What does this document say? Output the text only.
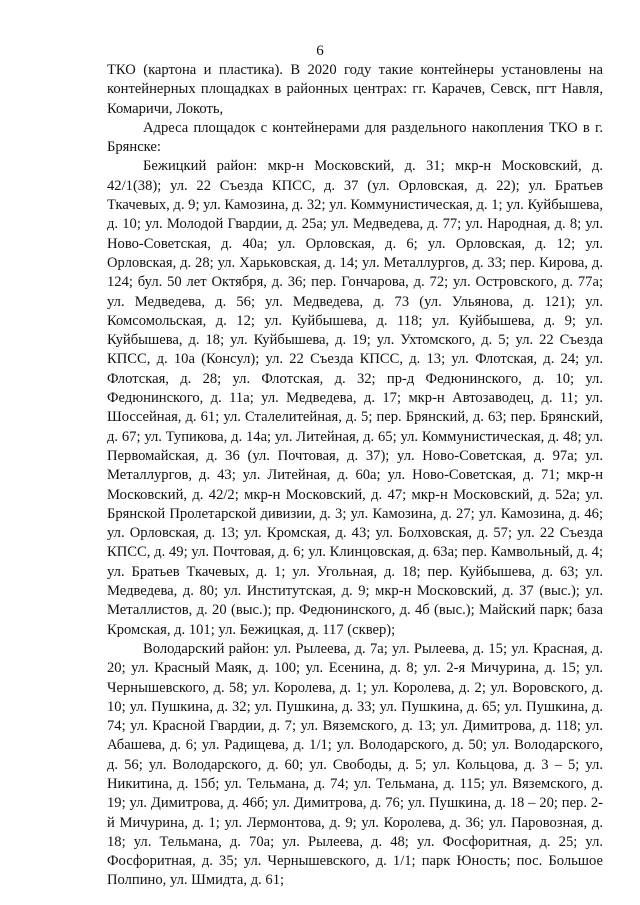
6

ТКО (картона и пластика). В 2020 году такие контейнеры установлены на контейнерных площадках в районных центрах: гг. Карачев, Севск, пгт Навля, Комаричи, Локоть,

Адреса площадок с контейнерами для раздельного накопления ТКО в г. Брянске:

Бежицкий район: мкр-н Московский, д. 31; мкр-н Московский, д. 42/1(38); ул. 22 Съезда КПСС, д. 37 (ул. Орловская, д. 22); ул. Братьев Ткачевых, д. 9; ул. Камозина, д. 32; ул. Коммунистическая, д. 1; ул. Куйбышева, д. 10; ул. Молодой Гвардии, д. 25а; ул. Медведева, д. 77; ул. Народная, д. 8; ул. Ново-Советская, д. 40а; ул. Орловская, д. 6; ул. Орловская, д. 12; ул. Орловская, д. 28; ул. Харьковская, д. 14; ул. Металлургов, д. 33; пер. Кирова, д. 124; бул. 50 лет Октября, д. 36; пер. Гончарова, д. 72; ул. Островского, д. 77а; ул. Медведева, д. 56; ул. Медведева, д. 73 (ул. Ульянова, д. 121); ул. Комсомольская, д. 12; ул. Куйбышева, д. 118; ул. Куйбышева, д. 9; ул. Куйбышева, д. 18; ул. Куйбышева, д. 19; ул. Ухтомского, д. 5; ул. 22 Съезда КПСС, д. 10а (Консул); ул. 22 Съезда КПСС, д. 13; ул. Флотская, д. 24; ул. Флотская, д. 28; ул. Флотская, д. 32; пр-д Федюнинского, д. 10; ул. Федюнинского, д. 11а; ул. Медведева, д. 17; мкр-н Автозаводец, д. 11; ул. Шоссейная, д. 61; ул. Сталелитейная, д. 5; пер. Брянский, д. 63; пер. Брянский, д. 67; ул. Тупикова, д. 14а; ул. Литейная, д. 65; ул. Коммунистическая, д. 48; ул. Первомайская, д. 36 (ул. Почтовая, д. 37); ул. Ново-Советская, д. 97а; ул. Металлургов, д. 43; ул. Литейная, д. 60а; ул. Ново-Советская, д. 71; мкр-н Московский, д. 42/2; мкр-н Московский, д. 47; мкр-н Московский, д. 52а; ул. Брянской Пролетарской дивизии, д. 3; ул. Камозина, д. 27; ул. Камозина, д. 46; ул. Орловская, д. 13; ул. Кромская, д. 43; ул. Болховская, д. 57; ул. 22 Съезда КПСС, д. 49; ул. Почтовая, д. 6; ул. Клинцовская, д. 63а; пер. Камвольный, д. 4; ул. Братьев Ткачевых, д. 1; ул. Угольная, д. 18; пер. Куйбышева, д. 63; ул. Медведева, д. 80; ул. Институтская, д. 9; мкр-н Московский, д. 37 (выс.); ул. Металлистов, д. 20 (выс.); пр. Федюнинского, д. 4б (выс.); Майский парк; база Кромская, д. 101; ул. Бежицкая, д. 117 (сквер);

Володарский район: ул. Рылеева, д. 7а; ул. Рылеева, д. 15; ул. Красная, д. 20; ул. Красный Маяк, д. 100; ул. Есенина, д. 8; ул. 2-я Мичурина, д. 15; ул. Чернышевского, д. 58; ул. Королева, д. 1; ул. Королева, д. 2; ул. Воровского, д. 10; ул. Пушкина, д. 32; ул. Пушкина, д. 33; ул. Пушкина, д. 65; ул. Пушкина, д. 74; ул. Красной Гвардии, д. 7; ул. Вяземского, д. 13; ул. Димитрова, д. 118; ул. Абашева, д. 6; ул. Радищева, д. 1/1; ул. Володарского, д. 50; ул. Володарского, д. 56; ул. Володарского, д. 60; ул. Свободы, д. 5; ул. Кольцова, д. 3 – 5; ул. Никитина, д. 15б; ул. Тельмана, д. 74; ул. Тельмана, д. 115; ул. Вяземского, д. 19; ул. Димитрова, д. 46б; ул. Димитрова, д. 76; ул. Пушкина, д. 18 – 20; пер. 2-й Мичурина, д. 1; ул. Лермонтова, д. 9; ул. Королева, д. 36; ул. Паровозная, д. 18; ул. Тельмана, д. 70а; ул. Рылеева, д. 48; ул. Фосфоритная, д. 25; ул. Фосфоритная, д. 35; ул. Чернышевского, д. 1/1; парк Юность; пос. Большое Полпино, ул. Шмидта, д. 61;
